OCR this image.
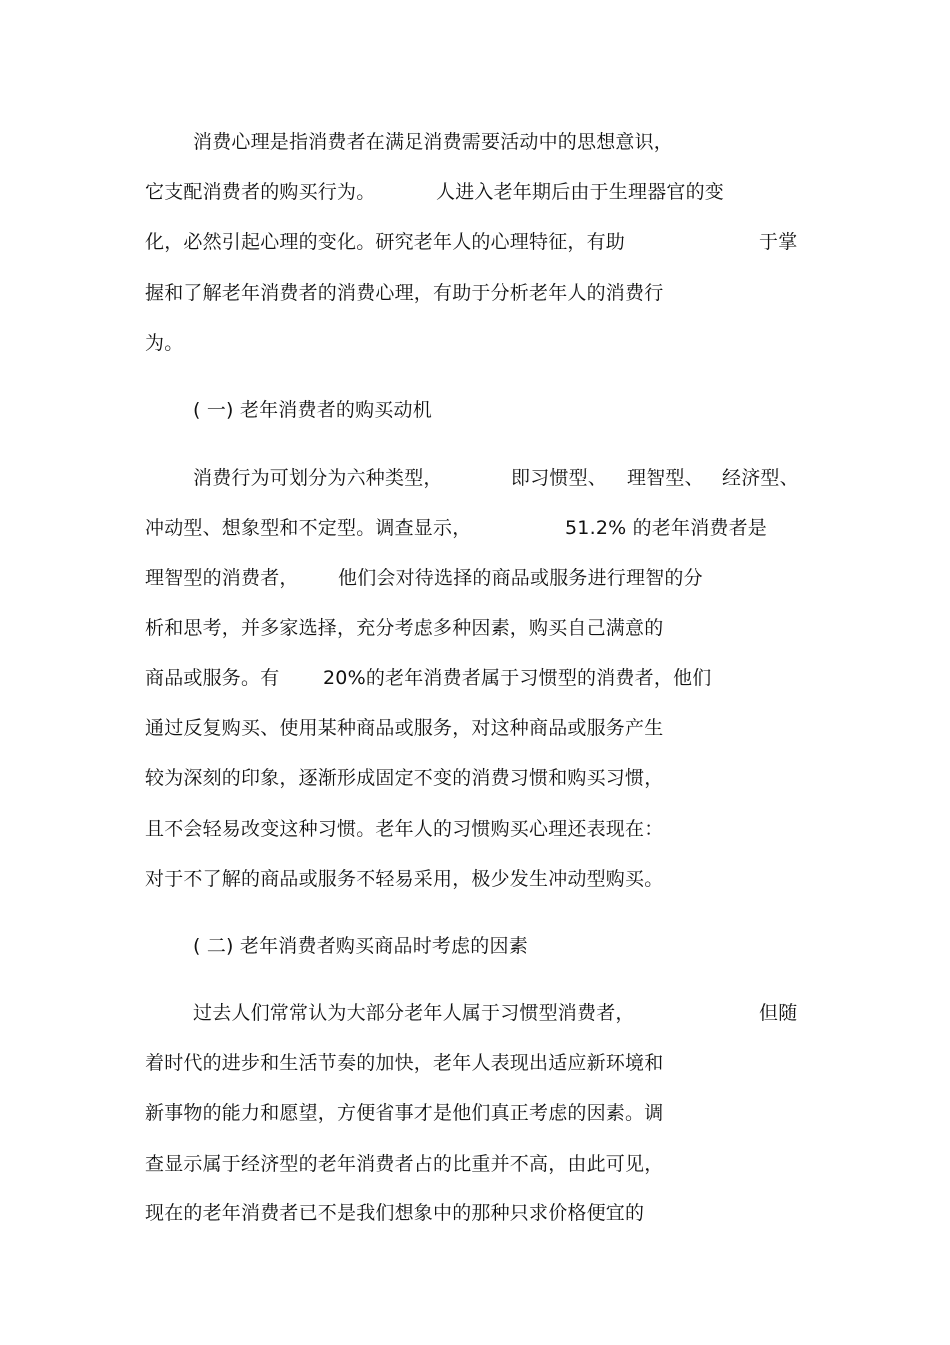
消费心理是指消费者在满足消费需要活动中的思想意识，
它支配消费者的购买行为。	人进入老年期后由于生理器官的变
化，必然引起心理的变化。研究老年人的心理特征，有助	于掌
握和了解老年消费者的消费心理，有助于分析老年人的消费行
为。
( 一) 老年消费者的购买动机
消费行为可划分为六种类型，	即习惯型、 理智型、 经济型、
冲动型、想象型和不定型。调查显示，	51.2% 的老年消费者是
理智型的消费者， 他们会对待选择的商品或服务进行理智的分
析和思考，并多家选择，充分考虑多种因素，购买自己满意的
商品或服务。有 20%的老年消费者属于习惯型的消费者，他们
通过反复购买、使用某种商品或服务，对这种商品或服务产生
较为深刻的印象，逐渐形成固定不变的消费习惯和购买习惯，
且不会轻易改变这种习惯。老年人的习惯购买心理还表现在：
对于不了解的商品或服务不轻易采用，极少发生冲动型购买。
( 二) 老年消费者购买商品时考虑的因素
过去人们常常认为大部分老年人属于习惯型消费者，	但随
着时代的进步和生活节奏的加快，老年人表现出适应新环境和
新事物的能力和愿望，方便省事才是他们真正考虑的因素。调
查显示属于经济型的老年消费者占的比重并不高，由此可见，
现在的老年消费者已不是我们想象中的那种只求价格便宜的
